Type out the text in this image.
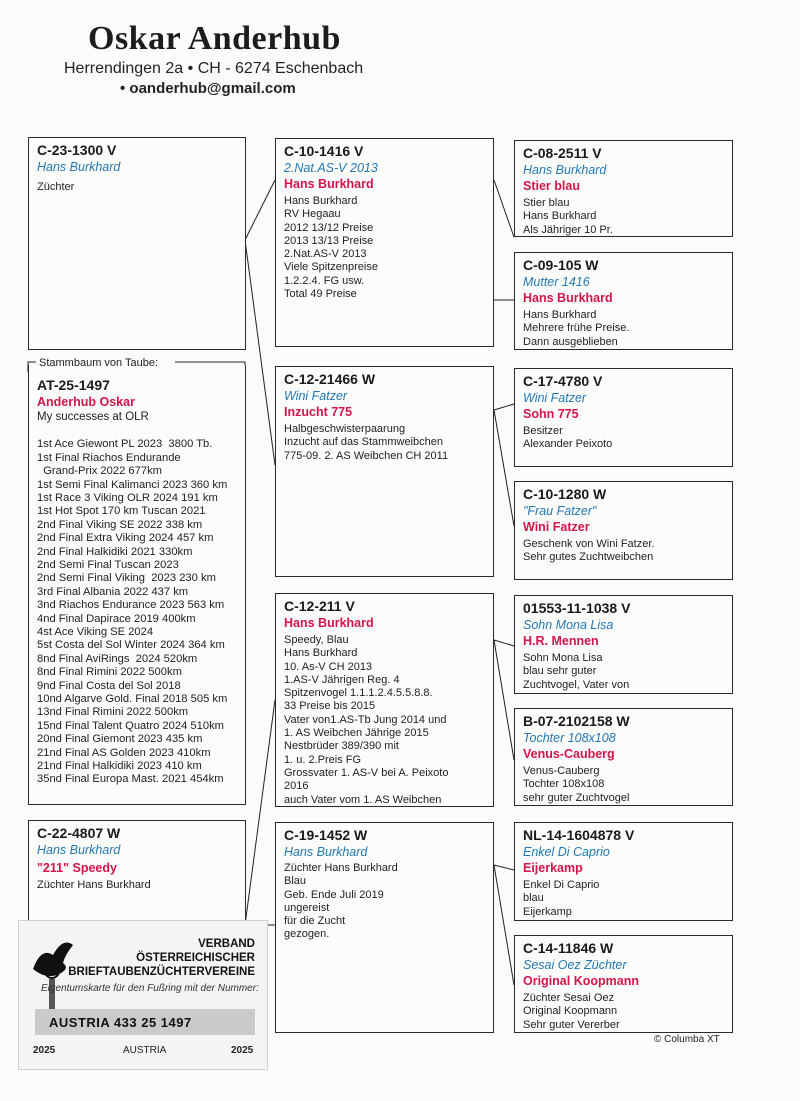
Oskar Anderhub
Herrendingen 2a • CH - 6274 Eschenbach
• oanderhub@gmail.com
C-23-1300 V
Hans Burkhard
Züchter
Stammbaum von Taube:
AT-25-1497
Anderhub Oskar
My successes at OLR
1st Ace Giewont PL 2023  3800 Tb.
1st Final Riachos Endurande
Grand-Prix 2022 677km
1st Semi Final Kalimanci 2023 360 km
1st Race 3 Viking OLR 2024 191 km
1st Hot Spot 170 km Tuscan 2021
2nd Final Viking SE 2022 338 km
2nd Final Extra Viking 2024 457 km
2nd Final Halkidiki 2021 330km
2nd Semi Final Tuscan 2023
2nd Semi Final Viking  2023 230 km
3rd Final Albania 2022 437 km
3nd Riachos Endurance 2023 563 km
4nd Final Dapirace 2019 400km
4st Ace Viking SE 2024
5st Costa del Sol Winter 2024 364 km
8nd Final AviRings  2024 520km
8nd Final Rimini 2022 500km
9nd Final Costa del Sol 2018
10nd Algarve Gold. Final 2018 505 km
13nd Final Rimini 2022 500km
15nd Final Talent Quatro 2024 510km
20nd Final Giemont 2023 435 km
21nd Final AS Golden 2023 410km
21nd Final Halkidiki 2023 410 km
35nd Final Europa Mast. 2021 454km
C-22-4807 W
Hans Burkhard
"211" Speedy
Züchter Hans Burkhard
C-10-1416 V
2.Nat.AS-V 2013
Hans Burkhard
Hans Burkhard
RV Hegaau
2012 13/12 Preise
2013 13/13 Preise
2.Nat.AS-V 2013
Viele Spitzenpreise
1.2.2.4. FG usw.
Total 49 Preise
C-12-21466 W
Wini Fatzer
Inzucht 775
Halbgeschwisterpaarung
Inzucht auf das Stammweibchen
775-09. 2. AS Weibchen CH 2011
C-12-211 V
Hans Burkhard
Speedy, Blau
Hans Burkhard
10. As-V CH 2013
1.AS-V Jährigen Reg. 4
Spitzenvogel 1.1.1.2.4.5.5.8.8.
33 Preise bis 2015
Vater von1.AS-Tb Jung 2014 und
1. AS Weibchen Jährige 2015
Nestbrüder 389/390 mit
1. u. 2.Preis FG
Grossvater 1. AS-V bei A. Peixoto
2016
auch Vater vom 1. AS Weibchen
C-19-1452 W
Hans Burkhard
Züchter Hans Burkhard
Blau
Geb. Ende Juli 2019
ungereist
für die Zucht
gezogen.
C-08-2511 V
Hans Burkhard
Stier blau
Stier blau
Hans Burkhard
Als Jähriger 10 Pr.
C-09-105 W
Mutter 1416
Hans Burkhard
Hans Burkhard
Mehrere frühe Preise.
Dann ausgeblieben
C-17-4780 V
Wini Fatzer
Sohn 775
Besitzer
Alexander Peixoto
C-10-1280 W
"Frau Fatzer"
Wini Fatzer
Geschenk von Wini Fatzer.
Sehr gutes Zuchtweibchen
01553-11-1038 V
Sohn Mona Lisa
H.R. Mennen
Sohn Mona Lisa
blau sehr guter
Zuchtvogel, Vater von
B-07-2102158 W
Tochter 108x108
Venus-Cauberg
Venus-Cauberg
Tochter 108x108
sehr guter Zuchtvogel
NL-14-1604878 V
Enkel Di Caprio
Eijerkamp
Enkel Di Caprio
blau
Eijerkamp
C-14-11846 W
Sesai Oez Züchter
Original Koopmann
Züchter Sesai Oez
Original Koopmann
Sehr guter Vererber
VERBAND
ÖSTERREICHISCHER
BRIEFTAUBENZÜCHTERVEREINE
Eigentumskarte für den Fußring mit der Nummer:
AUSTRIA 433 25 1497
2025	AUSTRIA	2025
© Columba XT
